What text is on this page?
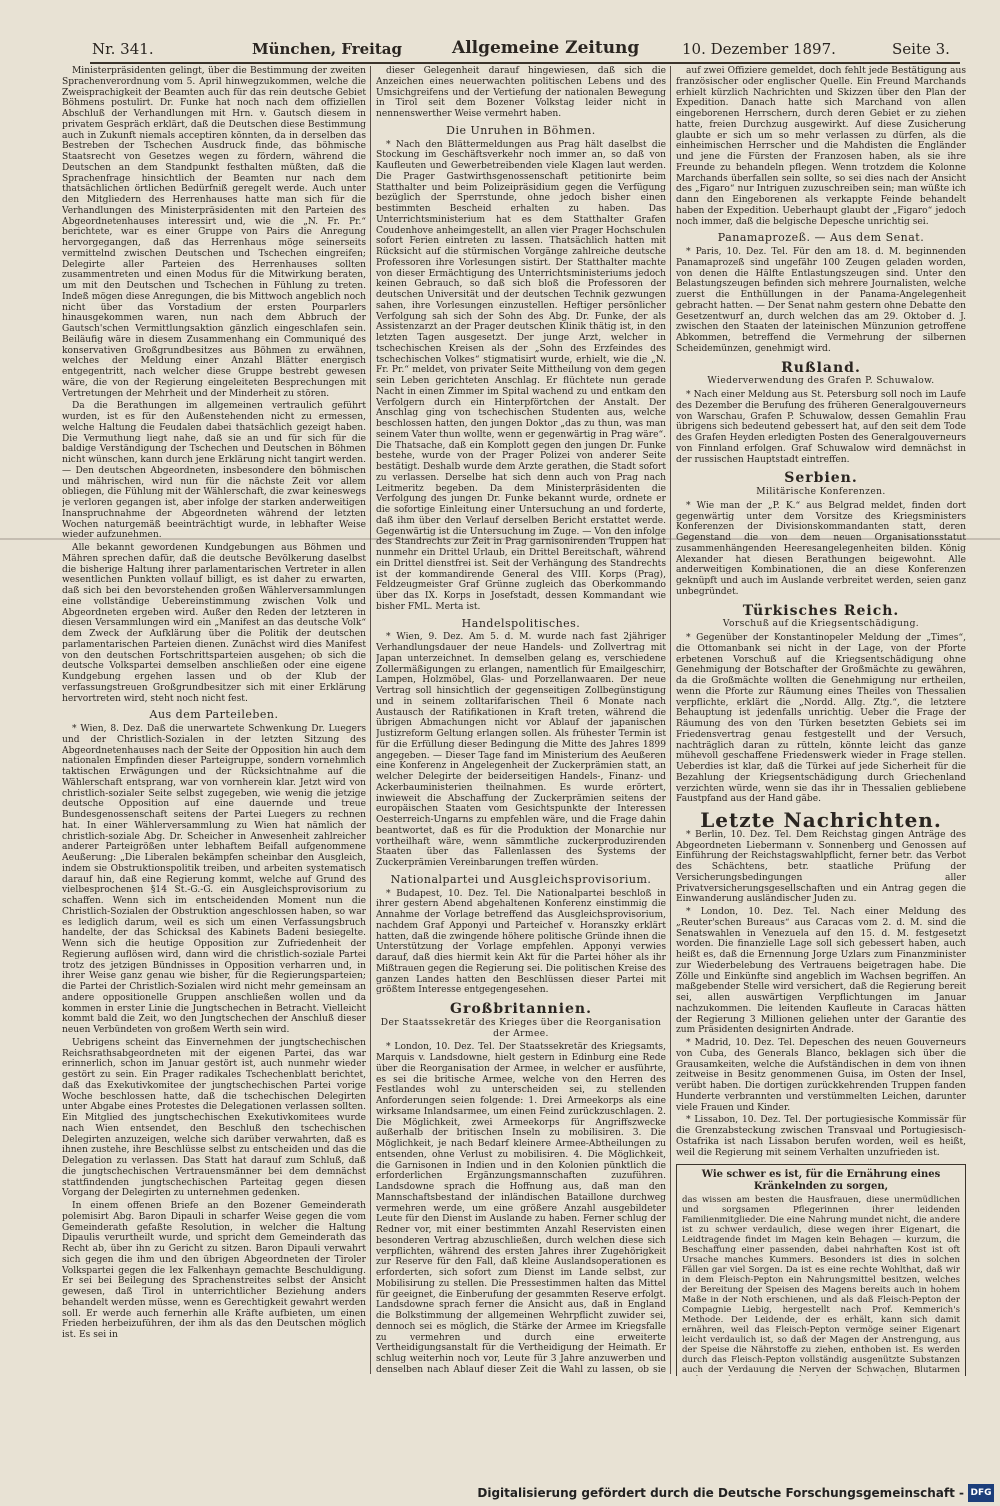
Nr. 341.	München, Freitag	Allgemeine Zeitung	10. Dezember 1897.	Seite 3.

Ministerpräsidenten gelingt, über die Bestimmung der zweiten Sprachenverordnung vom 5. April hinwegzukommen, welche die Zweisprachigkeit der Beamten auch für das rein deutsche Gebiet Böhmens postulirt. Dr. Funke hat noch nach dem offiziellen Abschluß der Verhandlungen mit Hrn. v. Gautsch diesem in privatem Gespräch erklärt, daß die Deutschen diese Bestimmung auch in Zukunft niemals acceptiren könnten, da in derselben das Bestreben der Tschechen Ausdruck finde, das böhmische Staatsrecht von Gesetzes wegen zu fördern, während die Deutschen an dem Standpunkt festhalten müßten, daß die Sprachenfrage hinsichtlich der Beamten nur nach dem thatsächlichen örtlichen Bedürfniß geregelt werde. Auch unter den Mitgliedern des Herrenhauses hatte man sich für die Verhandlungen des Ministerpräsidenten mit den Parteien des Abgeordnetenhauses interessirt und, wie die „N. Fr. Pr.“ berichtete, war es einer Gruppe von Pairs die Anregung hervorgegangen, daß das Herrenhaus möge seinerseits vermittelnd zwischen Deutschen und Tschechen eingreifen; Delegirte aller Parteien des Herrenhauses sollten zusammentreten und einen Modus für die Mitwirkung beraten, um mit den Deutschen und Tschechen in Fühlung zu treten. Indeß mögen diese Anregungen, die bis Mittwoch angeblich noch nicht über das Vorstadium der ersten Pourparlers hinausgekommen waren, nun nach dem Abbruch der Gautsch'schen Vermittlungsaktion gänzlich eingeschlafen sein. Beiläufig wäre in diesem Zusammenhang ein Communiqué des konservativen Großgrundbesitzes aus Böhmen zu erwähnen, welches der Meldung einer Anzahl Blätter energisch entgegentritt, nach welcher diese Gruppe bestrebt gewesen wäre, die von der Regierung eingeleiteten Besprechungen mit Vertretungen der Mehrheit und der Minderheit zu stören.

Da die Berathungen im allgemeinen vertraulich geführt wurden, ist es für den Außenstehenden nicht zu ermessen, welche Haltung die Feudalen dabei thatsächlich gezeigt haben. Die Vermuthung liegt nahe, daß sie an und für sich für die baldige Verständigung der Tschechen und Deutschen in Böhmen nicht wünschen, kann durch jene Erklärung nicht tangirt werden. — Den deutschen Abgeordneten, insbesondere den böhmischen und mährischen, wird nun für die nächste Zeit vor allem obliegen, die Fühlung mit der Wählerschaft, die zwar keineswegs je verloren gegangen ist, aber infolge der starken anderweitigen Inanspruchnahme der Abgeordneten während der letzten Wochen naturgemäß beeinträchtigt wurde, in lebhafter Weise wieder aufzunehmen.

Alle bekannt gewordenen Kundgebungen aus Böhmen und Mähren sprechen dafür, daß die deutsche Bevölkerung daselbst die bisherige Haltung ihrer parlamentarischen Vertreter in allen wesentlichen Punkten vollauf billigt, es ist daher zu erwarten, daß sich bei den bevorstehenden großen Wählerversammlungen eine vollständige Uebereinstimmung zwischen Volk und Abgeordneten ergeben wird. Außer den Reden der letzteren in diesen Versammlungen wird ein „Manifest an das deutsche Volk“ dem Zweck der Aufklärung über die Politik der deutschen parlamentarischen Parteien dienen. Zunächst wird dies Manifest von den deutschen Fortschrittsparteien ausgehen; ob sich die deutsche Volkspartei demselben anschließen oder eine eigene Kundgebung ergehen lassen und ob der Klub der verfassungstreuen Großgrundbesitzer sich mit einer Erklärung hervortreten wird, steht noch nicht fest.

Aus dem Parteileben.

* Wien, 8. Dez. Daß die unerwartete Schwenkung Dr. Luegers und der Christlich-Sozialen in der letzten Sitzung des Abgeordnetenhauses nach der Seite der Opposition hin auch dem nationalen Empfinden dieser Parteigruppe, sondern vornehmlich taktischen Erwägungen und der Rücksichtnahme auf die Wählerschaft entsprang, war von vornherein klar. Jetzt wird von christlich-sozialer Seite selbst zugegeben, wie wenig die jetzige deutsche Opposition auf eine dauernde und treue Bundesgenossenschaft seitens der Partei Luegers zu rechnen hat. In einer Wählerversammlung zu Wien hat nämlich der christlich-soziale Abg. Dr. Scheicher in Anwesenheit zahlreicher anderer Parteigrößen unter lebhaftem Beifall aufgenommene Aeußerung: „Die Liberalen bekämpfen scheinbar den Ausgleich, indem sie Obstruktionspolitik treiben, und arbeiten systematisch darauf hin, daß eine Regierung kommt, welche auf Grund des vielbesprochenen §14 St.-G.-G. ein Ausgleichsprovisorium zu schaffen. Wenn sich im entscheidenden Moment nun die Christlich-Sozialen der Obstruktion angeschlossen haben, so war es lediglich darum, weil es sich um einen Verfassungsbruch handelte, der das Schicksal des Kabinets Badeni besiegelte. Wenn sich die heutige Opposition zur Zufriedenheit der Regierung auflösen wird, dann wird die christlich-soziale Partei trotz des jetzigen Bündnisses in Opposition verharren und, in ihrer Weise ganz genau wie bisher, für die Regierungsparteien; die Partei der Christlich-Sozialen wird nicht mehr gemeinsam an andere oppositionelle Gruppen anschließen wollen und da kommen in erster Linie die Jungtschechen in Betracht. Vielleicht kommt bald die Zeit, wo den Jungtschechen der Anschluß dieser neuen Verbündeten von großem Werth sein wird.

Uebrigens scheint das Einvernehmen der jungtschechischen Reichsrathsabgeordneten mit der eigenen Partei, das war erinnerlich, schon im Januar gestört ist, auch nunmehr wieder gestört zu sein. Ein Prager radikales Tschechenblatt berichtet, daß das Exekutivkomitee der jungtschechischen Partei vorige Woche beschlossen hatte, daß die tschechischen Delegirten unter Abgabe eines Protestes die Delegationen verlassen sollten. Ein Mitglied des jungtschechischen Exekutivkomitees wurde nach Wien entsendet, den Beschluß den tschechischen Delegirten anzuzeigen, welche sich darüber verwahrten, daß es ihnen zustehe, ihre Beschlüsse selbst zu entscheiden und das die Delegation zu verlassen. Das Statt hat darauf zum Schluß, daß die jungtschechischen Vertrauensmänner bei dem demnächst stattfindenden jungtschechischen Parteitag gegen diesen Vorgang der Delegirten zu unternehmen gedenken.

In einem offenen Briefe an den Bozener Gemeinderath polemisirt Abg. Baron Dipauli in scharfer Weise gegen die vom Gemeinderath gefaßte Resolution, in welcher die Haltung Dipaulis verurtheilt wurde, und spricht dem Gemeinderath das Recht ab, über ihn zu Gericht zu sitzen. Baron Dipauli verwahrt sich gegen die ihm und den übrigen Abgeordneten der Tiroler Volkspartei gegen die lex Falkenhayn gemachte Beschuldigung. Er sei bei Beilegung des Sprachenstreites selbst der Ansicht gewesen, daß Tirol in unterrichtlicher Beziehung anders behandelt werden müsse, wenn es Gerechtigkeit gewahrt werden soll. Er werde auch fernerhin alle Kräfte aufbieten, um einen Frieden herbeizuführen, der ihm als das den Deutschen möglich ist. Es sei in

dieser Gelegenheit darauf hingewiesen, daß sich die Anzeichen eines neuerwachten politischen Lebens und des Umsichgreifens und der Vertiefung der nationalen Bewegung in Tirol seit dem Bozener Volkstag leider nicht in nennenswerther Weise vermehrt haben.

Die Unruhen in Böhmen.

* Nach den Blättermeldungen aus Prag hält daselbst die Stockung im Geschäftsverkehr noch immer an, so daß von Kaufleuten und Gewerbetreibenden viele Klagen laut werden. Die Prager Gastwirthsgenossenschaft petitionirte beim Statthalter und beim Polizeipräsidium gegen die Verfügung bezüglich der Sperrstunde, ohne jedoch bisher einen bestimmten Bescheid erhalten zu haben. Das Unterrichtsministerium hat es dem Statthalter Grafen Coudenhove anheimgestellt, an allen vier Prager Hochschulen sofort Ferien eintreten zu lassen. Thatsächlich hatten mit Rücksicht auf die stürmischen Vorgänge zahlreiche deutsche Professoren ihre Vorlesungen sistirt. Der Statthalter machte von dieser Ermächtigung des Unterrichtsministeriums jedoch keinen Gebrauch, so daß sich bloß die Professoren der deutschen Universität und der deutschen Technik gezwungen sahen, ihre Vorlesungen einzustellen. Heftiger persönlicher Verfolgung sah sich der Sohn des Abg. Dr. Funke, der als Assistenzarzt an der Prager deutschen Klinik thätig ist, in den letzten Tagen ausgesetzt. Der junge Arzt, welcher in tschechischen Kreisen als der „Sohn des Erzfeindes des tschechischen Volkes“ stigmatisirt wurde, erhielt, wie die „N. Fr. Pr.“ meldet, von privater Seite Mittheilung von dem gegen sein Leben gerichteten Anschlag. Er flüchtete nun gerade Nacht in einen Zimmer im Spital wachend zu und entkam den Verfolgern durch ein Hinterpförtchen der Anstalt. Der Anschlag ging von tschechischen Studenten aus, welche beschlossen hatten, den jungen Doktor „das zu thun, was man seinem Vater thun wollte, wenn er gegenwärtig in Prag wäre“. Die Thatsache, daß ein Komplott gegen den jungen Dr. Funke bestehe, wurde von der Prager Polizei von anderer Seite bestätigt. Deshalb wurde dem Arzte gerathen, die Stadt sofort zu verlassen. Derselbe hat sich denn auch von Prag nach Leitmeritz begeben. Da dem Ministerpräsidenten die Verfolgung des jungen Dr. Funke bekannt wurde, ordnete er die sofortige Einleitung einer Untersuchung an und forderte, daß ihm über den Verlauf derselben Bericht erstattet werde. Gegenwärtig ist die Untersuchung im Zuge. — Von den infolge des Standrechts zur Zeit in Prag garnisonirenden Truppen hat nunmehr ein Drittel Urlaub, ein Drittel Bereitschaft, während ein Drittel dienstfrei ist. Seit der Verhängung des Standrechts ist der kommandirende General des VIII. Korps (Prag), Feldzeugmeister Graf Grünne zugleich das Oberkommando über das IX. Korps in Josefstadt, dessen Kommandant wie bisher FML. Merta ist.

Handelspolitisches.

* Wien, 9. Dez. Am 5. d. M. wurde nach fast 2jähriger Verhandlungsdauer der neue Handels- und Zollvertrag mit Japan unterzeichnet. In demselben gelang es, verschiedene Zollermäßigungen zu erlangen, namentlich für Emailgeschirr, Lampen, Holzmöbel, Glas- und Porzellanwaaren. Der neue Vertrag soll hinsichtlich der gegenseitigen Zollbegünstigung und in seinem zolltarifarischen Theil 6 Monate nach Austausch der Ratifikationen in Kraft treten, während die übrigen Abmachungen nicht vor Ablauf der japanischen Justizreform Geltung erlangen sollen. Als frühester Termin ist für die Erfüllung dieser Bedingung die Mitte des Jahres 1899 angegeben. — Dieser Tage fand im Ministerium des Aeußeren eine Konferenz in Angelegenheit der Zuckerprämien statt, an welcher Delegirte der beiderseitigen Handels-, Finanz- und Ackerbauministerien theilnahmen. Es wurde erörtert, inwieweit die Abschaffung der Zuckerprämien seitens der europäischen Staaten vom Gesichtspunkte der Interessen Oesterreich-Ungarns zu empfehlen wäre, und die Frage dahin beantwortet, daß es für die Produktion der Monarchie nur vortheilhaft wäre, wenn sämmtliche zuckerproduzirenden Staaten über das Fallenlassen des Systems der Zuckerprämien Vereinbarungen treffen würden.

Nationalpartei und Ausgleichsprovisorium.

* Budapest, 10. Dez. Tel. Die Nationalpartei beschloß in ihrer gestern Abend abgehaltenen Konferenz einstimmig die Annahme der Vorlage betreffend das Ausgleichsprovisorium, nachdem Graf Apponyi und Parteichef v. Horanszky erklärt hatten, daß die zwingende höhere politische Gründe ihnen die Unterstützung der Vorlage empfehlen. Apponyi verwies darauf, daß dies hiermit kein Akt für die Partei höher als ihr Mißtrauen gegen die Regierung sei. Die politischen Kreise des ganzen Landes hatten den Beschlüssen dieser Partei mit größtem Interesse entgegengesehen.

Großbritannien.
Der Staatssekretär des Krieges über die Reorganisation der Armee.

* London, 10. Dez. Tel. Der Staatssekretär des Kriegsamts, Marquis v. Landsdowne, hielt gestern in Edinburg eine Rede über die Reorganisation der Armee, in welcher er ausführte, es sei die britische Armee, welche von den Herren des Festlandes wohl zu unterscheiden sei, zu stellenden Anforderungen seien folgende: 1. Drei Armeekorps als eine wirksame Inlandsarmee, um einen Feind zurückzuschlagen. 2. Die Möglichkeit, zwei Armeekorps für Angriffszwecke außerhalb der britischen Inseln zu mobilisiren. 3. Die Möglichkeit, je nach Bedarf kleinere Armee-Abtheilungen zu entsenden, ohne Verlust zu mobilisiren. 4. Die Möglichkeit, die Garnisonen in Indien und in den Kolonien pünktlich die erforderlichen Ergänzungsmannschaften zuzuführen. Landsdowne sprach die Hoffnung aus, daß man den Mannschaftsbestand der inländischen Bataillone durchweg vermehren werde, um eine größere Anzahl ausgebildeter Leute für den Dienst im Auslande zu haben. Ferner schlug der Redner vor, mit einer bestimmten Anzahl Reservisten einen besonderen Vertrag abzuschließen, durch welchen diese sich verpflichten, während des ersten Jahres ihrer Zugehörigkeit zur Reserve für den Fall, daß kleine Auslandsoperationen es erforderten, sich sofort zum Dienst im Lande selbst, zur Mobilisirung zu stellen. Die Pressestimmen halten das Mittel für geeignet, die Einberufung der gesammten Reserve erfolgt. Landsdowne sprach ferner die Ansicht aus, daß in England die Bolkstimmung der allgemeinen Wehrpflicht zuwider sei, dennoch sei es möglich, die Stärke der Armee im Kriegsfalle zu vermehren und durch eine erweiterte Vertheidigungsanstalt für die Vertheidigung der Heimath. Er schlug weiterhin noch vor, Leute für 3 Jahre anzuwerben und denselben nach Ablauf dieser Zeit die Wahl zu lassen, ob sie

auf zwei Offiziere gemeldet, doch fehlt jede Bestätigung aus französischer oder englischer Quelle. Ein Freund Marchands erhielt kürzlich Nachrichten und Skizzen über den Plan der Expedition. Danach hatte sich Marchand von allen eingeborenen Herrschern, durch deren Gebiet er zu ziehen hatte, freien Durchzug ausgewirkt. Auf diese Zusicherung glaubte er sich um so mehr verlassen zu dürfen, als die einheimischen Herrscher und die Mahdisten die Engländer und jene die Fürsten der Franzosen haben, als sie ihre Freunde zu behandeln pflegen. Wenn trotzdem die Kolonne Marchands überfallen sein sollte, so sei dies nach der Ansicht des „Figaro“ nur Intriguen zuzuschreiben sein; man wüßte ich dann den Eingeborenen als verkappte Feinde behandelt haben der Expedition. Ueberhaupt glaubt der „Figaro“ jedoch noch immer, daß die belgische Depesche unrichtig sei.

Panamaprozeß. — Aus dem Senat.

* Paris, 10. Dez. Tel. Für den am 18. d. M. beginnenden Panamaprozeß sind ungefähr 100 Zeugen geladen worden, von denen die Hälfte Entlastungszeugen sind. Unter den Belastungszeugen befinden sich mehrere Journalisten, welche zuerst die Enthüllungen in der Panama-Angelegenheit gebracht hatten. — Der Senat nahm gestern ohne Debatte den Gesetzentwurf an, durch welchen das am 29. Oktober d. J. zwischen den Staaten der lateinischen Münzunion getroffene Abkommen, betreffend die Vermehrung der silbernen Scheidemünzen, genehmigt wird.

Rußland.
Wiederverwendung des Grafen P. Schuwalow.

* Nach einer Meldung aus St. Petersburg soll noch im Laufe des Dezember die Berufung des früheren Generalgouverneurs von Warschau, Grafen P. Schuwalow, dessen Gemahlin Frau übrigens sich bedeutend gebessert hat, auf den seit dem Tode des Grafen Heyden erledigten Posten des Generalgouverneurs von Finnland erfolgen. Graf Schuwalow wird demnächst in der russischen Hauptstadt eintreffen.

Serbien.
Militärische Konferenzen.

* Wie man der „P. K.“ aus Belgrad meldet, finden dort gegenwärtig unter dem Vorsitze des Kriegsministers Konferenzen der Divisionskommandanten statt, deren Gegenstand die von dem neuen Organisationsstatut zusammenhängenden Heeresangelegenheiten bilden. König Alexander hat diesen Berathungen beigewohnt. Alle anderweitigen Kombinationen, die an diese Konferenzen geknüpft und auch im Auslande verbreitet werden, seien ganz unbegründet.

Türkisches Reich.
Vorschuß auf die Kriegsentschädigung.

* Gegenüber der Konstantinopeler Meldung der „Times“, die Ottomanbank sei nicht in der Lage, von der Pforte erbetenen Vorschuß auf die Kriegsentschädigung ohne Genehmigung der Botschafter der Großmächte zu gewähren, da die Großmächte wollten die Genehmigung nur ertheilen, wenn die Pforte zur Räumung eines Theiles von Thessalien verpflichte, erklärt die „Nordd. Allg. Ztg.“, die letztere Behauptung ist jedenfalls unrichtig. Ueber die Frage der Räumung des von den Türken besetzten Gebiets sei im Friedensvertrag genau festgestellt und der Versuch, nachträglich daran zu rütteln, könnte leicht das ganze mühevoll geschaffene Friedenswerk wieder in Frage stellen. Ueberdies ist klar, daß die Türkei auf jede Sicherheit für die Bezahlung der Kriegsentschädigung durch Griechenland verzichten würde, wenn sie das ihr in Thessalien gebliebene Faustpfand aus der Hand gäbe.

Letzte Nachrichten.

* Berlin, 10. Dez. Tel. Dem Reichstag gingen Anträge des Abgeordneten Liebermann v. Sonnenberg und Genossen auf Einführung der Reichstagswahlpflicht, ferner betr. das Verbot des Schächtens, betr. staatliche Prüfung der Versicherungsbedingungen aller Privatversicherungsgesellschaften und ein Antrag gegen die Einwanderung ausländischer Juden zu.

* London, 10. Dez. Tel. Nach einer Meldung des „Reuter'schen Bureaus“ aus Caracas vom 2. d. M. sind die Senatswahlen in Venezuela auf den 15. d. M. festgesetzt worden. Die finanzielle Lage soll sich gebessert haben, auch heißt es, daß die Ernennung Jorge Uzlars zum Finanzminister zur Wiederbelebung des Vertrauens beigetragen habe. Die Zölle und Einkünfte sind angeblich im Wachsen begriffen. An maßgebender Stelle wird versichert, daß die Regierung bereit sei, allen auswärtigen Verpflichtungen im Januar nachzukommen. Die leitenden Kaufleute in Caracas hätten der Regierung 3 Millionen geliehen unter der Garantie des zum Präsidenten designirten Andrade.

* Madrid, 10. Dez. Tel. Depeschen des neuen Gouverneurs von Cuba, des Generals Blanco, beklagen sich über die Grausamkeiten, welche die Aufständischen in dem von ihnen zeitweise in Besitz genommenen Guisa, im Osten der Insel, verübt haben. Die dortigen zurückkehrenden Truppen fanden Hunderte verbrannten und verstümmelten Leichen, darunter viele Frauen und Kinder.

* Lissabon, 10. Dez. Tel. Der portugiesische Kommissär für die Grenzabsteckung zwischen Transvaal und Portugiesisch-Ostafrika ist nach Lissabon berufen worden, weil es heißt, weil die Regierung mit seinem Verhalten unzufrieden ist.

Wie schwer es ist, für die Ernährung eines Kränkelnden zu sorgen,

das wissen am besten die Hausfrauen, diese unermüdlichen und sorgsamen Pflegerinnen ihrer leidenden Familienmitglieder. Die eine Nahrung mundet nicht, die andere ist zu schwer verdaulich, diese wegen ihrer Eigenart, die Leidtragende findet im Magen kein Behagen — kurzum, die Beschaffung einer passenden, dabei nahrhaften Kost ist oft Ursache manches Kummers. Besonders ist dies in solchen Fällen gar viel Sorgen. Da ist es eine rechte Wohlthat, daß wir in dem Fleisch-Pepton ein Nahrungsmittel besitzen, welches der Bereitung der Speisen des Magens bereits auch in hohem Maße in der Noth erschienen, und als daß Fleisch-Pepton der Compagnie Liebig, hergestellt nach Prof. Kemmerich's Methode. Der Leidende, der es erhält, kann sich damit ernähren, weil das Fleisch-Pepton vermöge seiner Eigenart leicht verdaulich ist, so daß der Magen der Anstrengung, aus der Speise die Nährstoffe zu ziehen, enthoben ist. Es werden durch das Fleisch-Pepton vollständig ausgenützte Substanzen auch der Verdauung die Nerven der Schwachen, Blutarmen

Digitalisierung gefördert durch die Deutsche Forschungsgemeinschaft - DFG
